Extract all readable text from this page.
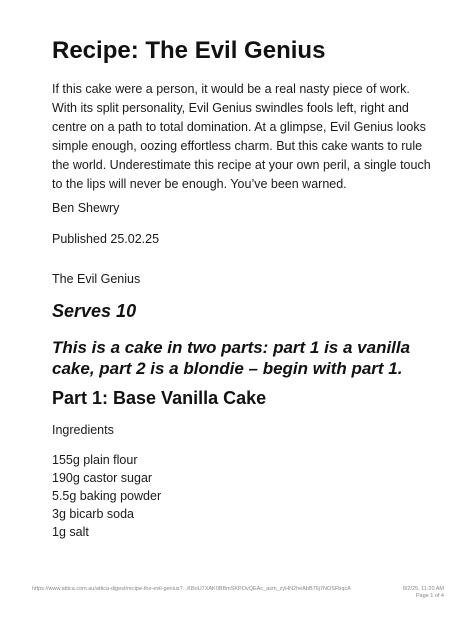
Recipe: The Evil Genius

If this cake were a person, it would be a real nasty piece of work. With its split personality, Evil Genius swindles fools left, right and centre on a path to total domination. At a glimpse, Evil Genius looks simple enough, oozing effortless charm. But this cake wants to rule the world. Underestimate this recipe at your own peril, a single touch to the lips will never be enough. You’ve been warned.

Ben Shewry

Published 25.02.25

The Evil Genius

Serves 10
This is a cake in two parts: part 1 is a vanilla cake, part 2 is a blondie – begin with part 1.
Part 1: Base Vanilla Cake

Ingredients

155g plain flour
190g castor sugar
5.5g baking powder
3g bicarb soda
1g salt
https://www.attica.com.au/attica-digest/recipe-the-evil-genius?...KBoU7XAK0BBmSKPOvQEAc_asm_zyHN2heAbB76j7NOSFbqcA	8/2/25, 11:20 AM
Page 1 of 4
